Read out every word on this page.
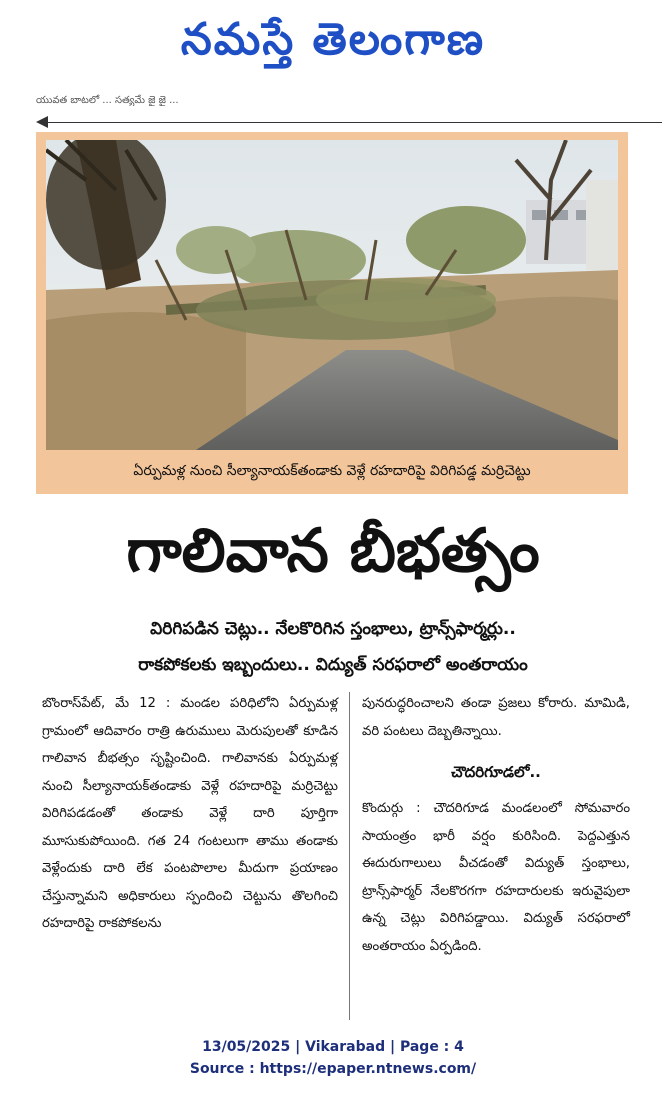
నమస్తే తెలంగాణ
యువత బాటలో ... సత్యమే జై జై ...
ఏర్పుమళ్ల నుంచి సీల్యానాయక్‌తండాకు వెళ్లే రహదారిపై విరిగిపడ్డ మర్రిచెట్టు
గాలివాన బీభత్సం
విరిగిపడిన చెట్లు.. నేలకొరిగిన స్తంభాలు, ట్రాన్స్‌ఫార్మర్లు..
రాకపోకలకు ఇబ్బందులు.. విద్యుత్ సరఫరాలో అంతరాయం

బొంరాస్‌పేట్, మే 12 : మండల పరిధిలోని ఏర్పుమళ్ల గ్రామంలో ఆదివారం రాత్రి ఉరుములు మెరుపులతో కూడిన గాలివాన బీభత్సం సృష్టించింది. గాలివానకు ఏర్పుమళ్ల నుంచి సీల్యానాయక్‌తండాకు వెళ్లే రహదారిపై మర్రిచెట్టు విరిగిపడడంతో తండాకు వెళ్లే దారి పూర్తిగా మూసుకుపోయింది. గత 24 గంటలుగా తాము తండాకు వెళ్లేందుకు దారి లేక పంటపొలాల మీదుగా ప్రయాణం చేస్తున్నామని అధికారులు స్పందించి చెట్టును తొలగించి రహదారిపై రాకపోకలను

పునరుద్ధరించాలని తండా ప్రజలు కోరారు. మామిడి, వరి పంటలు దెబ్బతిన్నాయి.

చౌదరిగూడలో..

కొందుర్గు : చౌదరిగూడ మండలంలో సోమవారం సాయంత్రం భారీ వర్షం కురిసింది. పెద్దఎత్తున ఈదురుగాలులు వీచడంతో విద్యుత్ స్తంభాలు, ట్రాన్స్‌ఫార్మర్ నేలకొరగగా రహదారులకు ఇరువైపులా ఉన్న చెట్లు విరిగిపడ్డాయి. విద్యుత్ సరఫరాలో అంతరాయం ఏర్పడింది.

13/05/2025 | Vikarabad | Page : 4
Source : https://epaper.ntnews.com/
